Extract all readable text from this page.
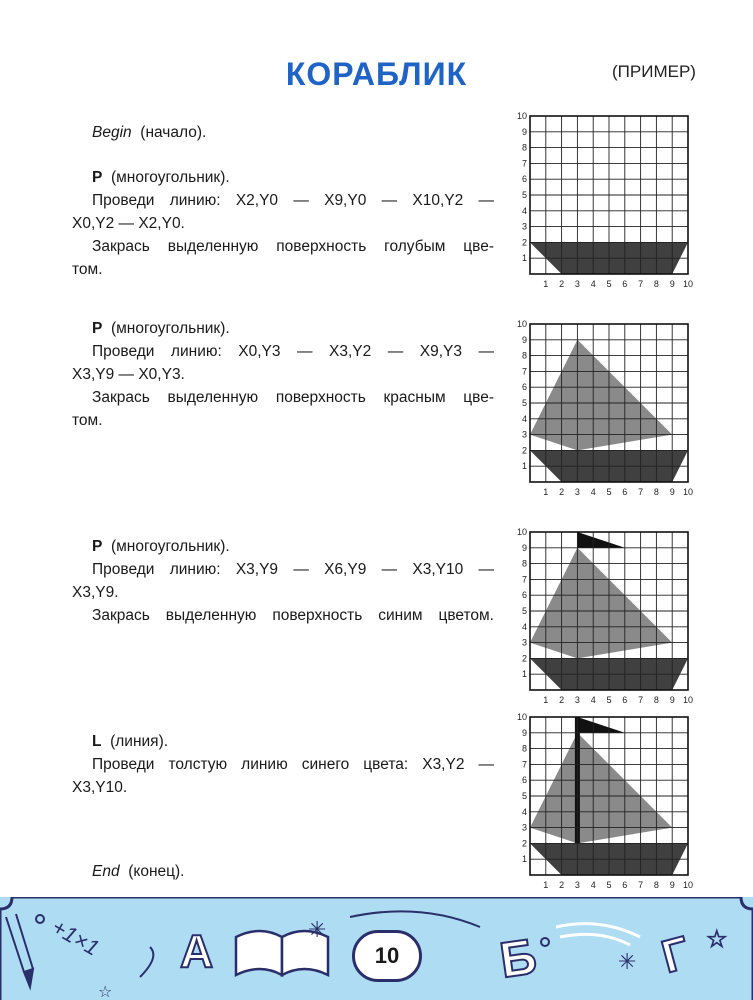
КОРАБЛИК	(ПРИМЕР)
Begin (начало).
P (многоугольник).
Проведи линию: X2,Y0 — X9,Y0 — X10,Y2 —
X0,Y2 — X2,Y0.
Закрась выделенную поверхность голубым цве-
том.
P (многоугольник).
Проведи линию: X0,Y3 — X3,Y2 — X9,Y3 —
X3,Y9 — X0,Y3.
Закрась выделенную поверхность красным цве-
том.
P (многоугольник).
Проведи линию: X3,Y9 — X6,Y9 — X3,Y10 —
X3,Y9.
Закрась выделенную поверхность синим цветом.
L (линия).
Проведи толстую линию синего цвета: X3,Y2 —
X3,Y10.
End (конец).
1 2 3 4 5 6 7 8 9 10
1
2
3
4
5
6
7
8
9
10
1 2 3 4 5 6 7 8 9 10
1
2
3
4
5
6
7
8
9
10
1 2 3 4 5 6 7 8 9 10
1
2
3
4
5
6
7
8
9
10
1 2 3 4 5 6 7 8 9 10
1
2
3
4
5
6
7
8
9
10
+1×1 А	✳
✳
☆
☆
Б	Г
10
